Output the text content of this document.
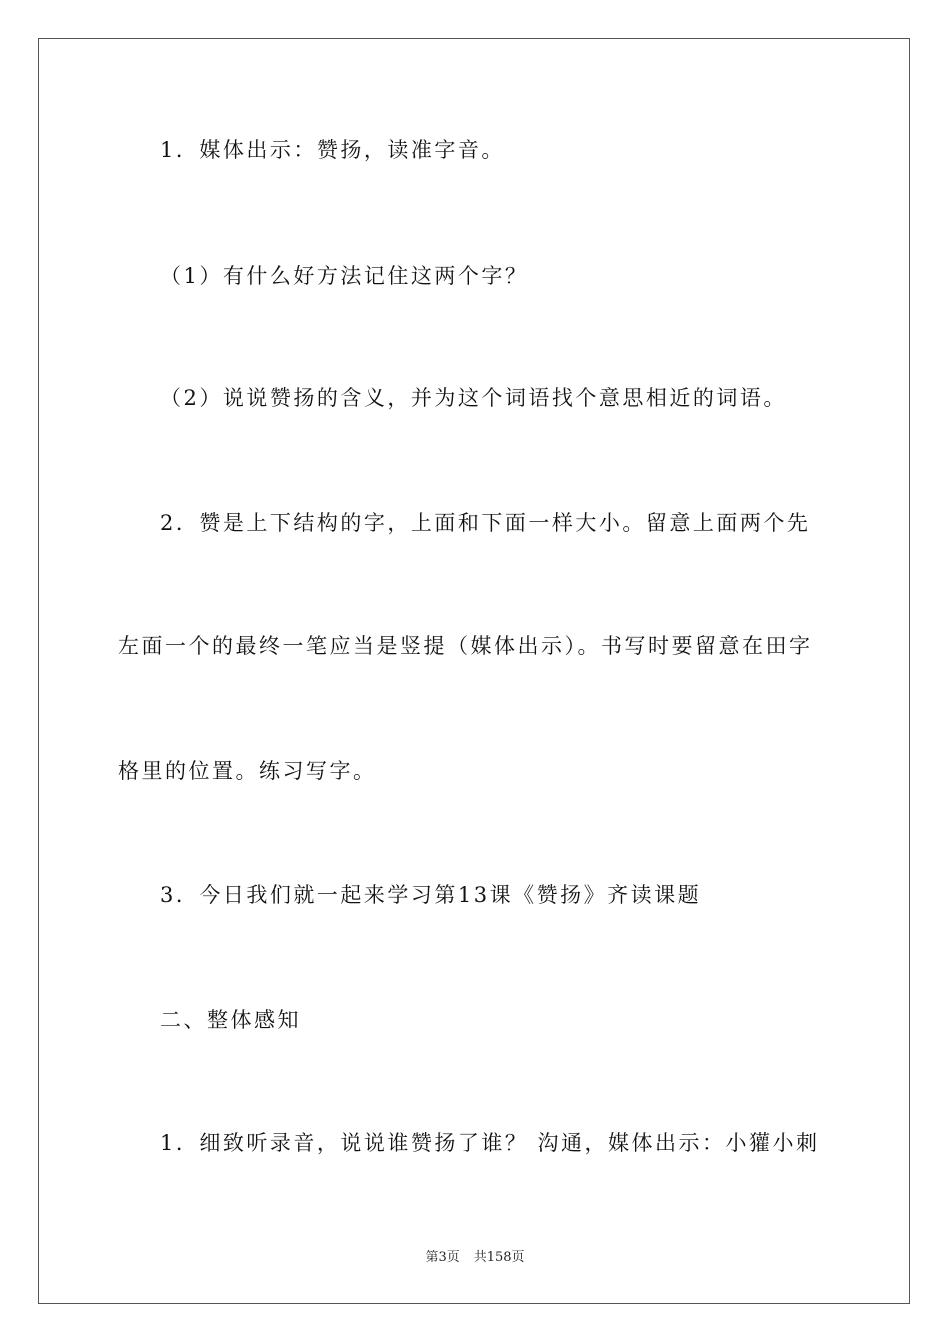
1．媒体出示：赞扬，读准字音。
（1）有什么好方法记住这两个字？
（2）说说赞扬的含义，并为这个词语找个意思相近的词语。
2．赞是上下结构的字，上面和下面一样大小。留意上面两个先
左面一个的最终一笔应当是竖提（媒体出示）。书写时要留意在田字
格里的位置。练习写字。
3．今日我们就一起来学习第13课《赞扬》齐读课题
二、整体感知
1．细致听录音，说说谁赞扬了谁？ 沟通，媒体出示：小獾小刺
第3页 共158页
